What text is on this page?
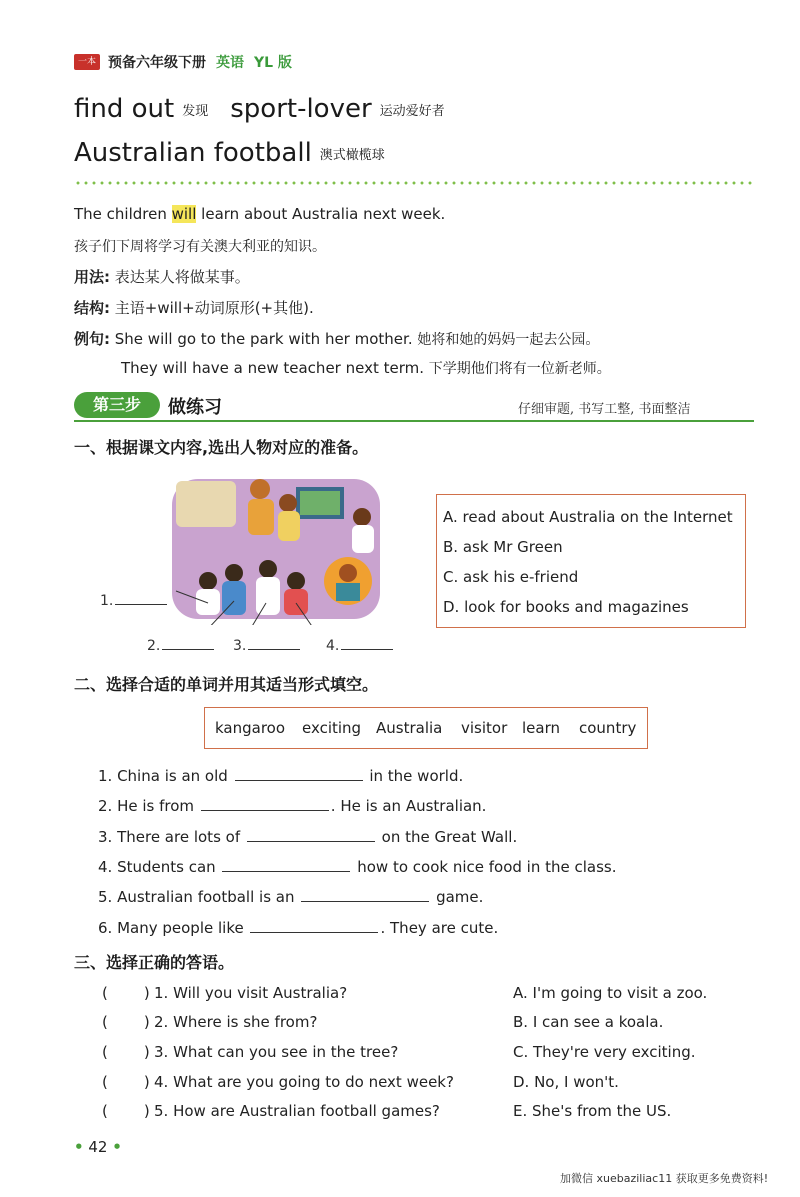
一本 预备六年级下册 英语 YL 版
find out 发现 sport-lover 运动爱好者
Australian football 澳式橄榄球
The children will learn about Australia next week.
孩子们下周将学习有关澳大利亚的知识。
用法: 表达某人将做某事。
结构: 主语+will+动词原形(+其他).
例句: She will go to the park with her mother. 她将和她的妈妈一起去公园。
They will have a new teacher next term. 下学期他们将有一位新老师。
第三步	做练习	仔细审题, 书写工整, 书面整洁
一、根据课文内容,选出人物对应的准备。
1.
2.	3.	4.
A. read about Australia on the Internet
B. ask Mr Green
C. ask his e-friend
D. look for books and magazines
二、选择合适的单词并用其适当形式填空。
kangaroo exciting Australia visitor learn country
1. China is an old	in the world.
2. He is from	. He is an Australian.
3. There are lots of	on the Great Wall.
4. Students can	how to cook nice food in the class.
5. Australian football is an	game.
6. Many people like	. They are cute.
三、选择正确的答语。
( ) 1. Will you visit Australia?	A. I'm going to visit a zoo.
( ) 2. Where is she from?	B. I can see a koala.
( ) 3. What can you see in the tree?	C. They're very exciting.
( ) 4. What are you going to do next week?	D. No, I won't.
( ) 5. How are Australian football games?	E. She's from the US.
• 42 •
加微信 xuebaziliac11 获取更多免费资料!
